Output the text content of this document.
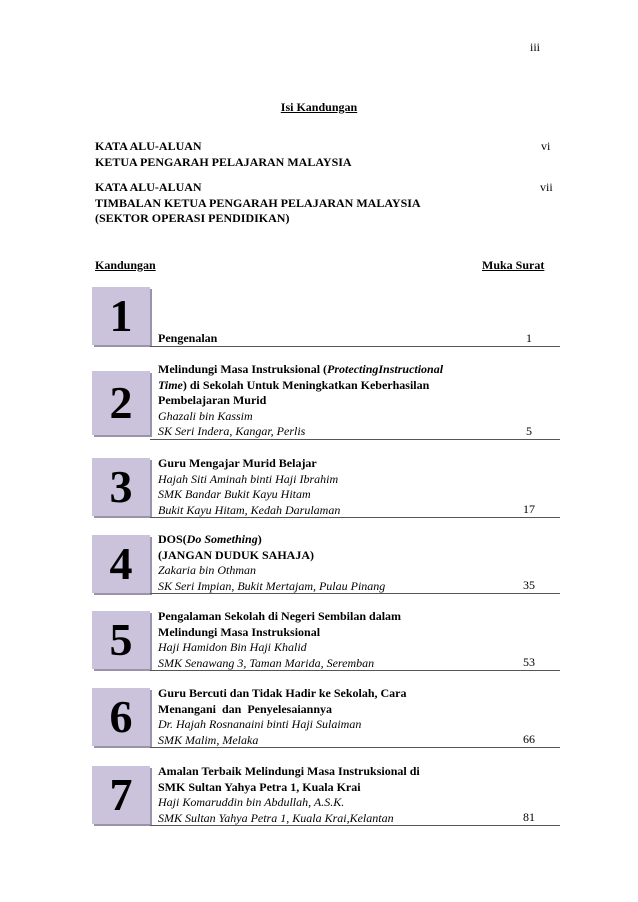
iii
Isi Kandungan
KATA ALU-ALUAN
KETUA PENGARAH PELAJARAN MALAYSIA
vi
KATA ALU-ALUAN
TIMBALAN KETUA PENGARAH PELAJARAN MALAYSIA
(SEKTOR OPERASI PENDIDIKAN)
vii
Kandungan	Muka Surat
1 Pengenalan	1
2
Melindungi Masa Instruksional (ProtectingInstructional
Time) di Sekolah Untuk Meningkatkan Keberhasilan
Pembelajaran Murid
Ghazali bin Kassim
SK Seri Indera, Kangar, Perlis	5
3 Guru Mengajar Murid Belajar
Hajah Siti Aminah binti Haji Ibrahim
SMK Bandar Bukit Kayu Hitam
Bukit Kayu Hitam, Kedah Darulaman	17
4 DOS(Do Something)
(JANGAN DUDUK SAHAJA)
Zakaria bin Othman
SK Seri Impian, Bukit Mertajam, Pulau Pinang	35
5 Pengalaman Sekolah di Negeri Sembilan dalam
Melindungi Masa Instruksional
Haji Hamidon Bin Haji Khalid
SMK Senawang 3, Taman Marida, Seremban	53
6 Guru Bercuti dan Tidak Hadir ke Sekolah, Cara
Menangani  dan  Penyelesaiannya
Dr. Hajah Rosnanaini binti Haji Sulaiman
SMK Malim, Melaka	66
7 Amalan Terbaik Melindungi Masa Instruksional di
SMK Sultan Yahya Petra 1, Kuala Krai
Haji Komaruddin bin Abdullah, A.S.K.
SMK Sultan Yahya Petra 1, Kuala Krai,Kelantan	81
